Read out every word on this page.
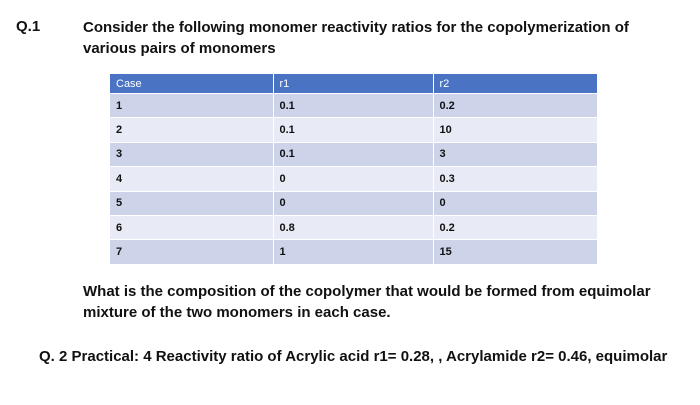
Q.1	Consider the following monomer reactivity ratios for the copolymerization of various pairs of monomers
Case	r1	r2
1	0.1	0.2
2	0.1	10
3	0.1	3
4	0	0.3
5	0	0
6	0.8	0.2
7	1	15
What is the composition of the copolymer that would be formed from equimolar mixture of the two monomers in each case.
Q. 2 Practical: 4 Reactivity ratio of Acrylic acid r1= 0.28, , Acrylamide r2= 0.46, equimolar
